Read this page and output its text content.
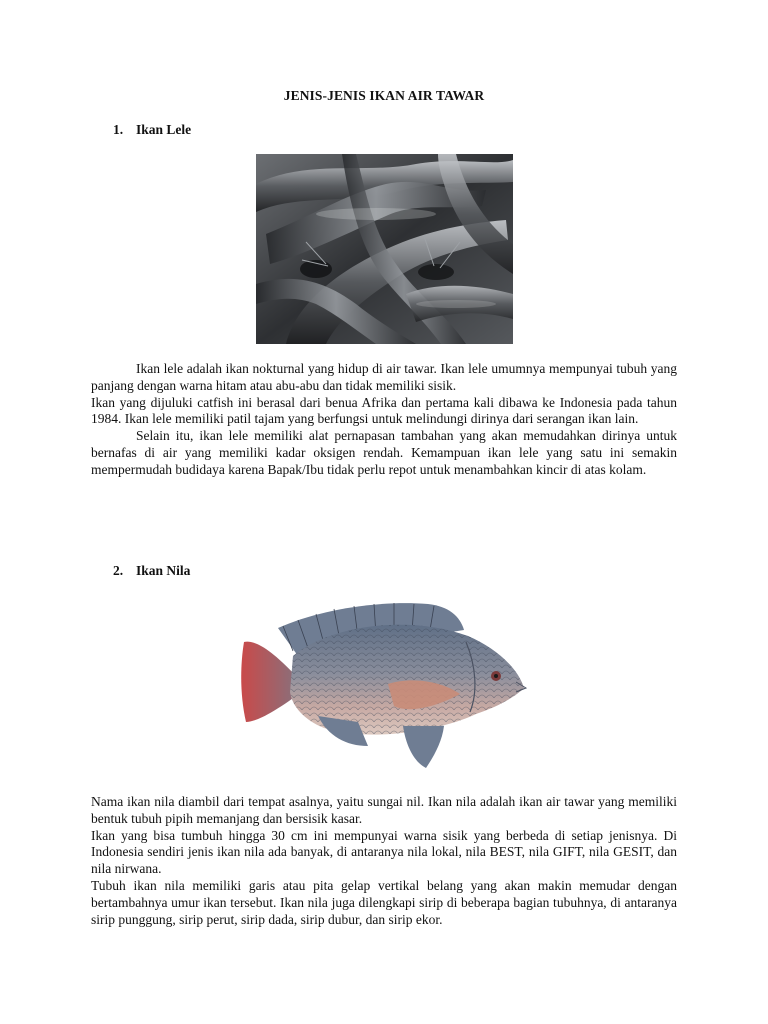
JENIS-JENIS IKAN AIR TAWAR
1. Ikan Lele

Ikan lele adalah ikan nokturnal yang hidup di air tawar. Ikan lele umumnya mempunyai tubuh yang panjang dengan warna hitam atau abu-abu dan tidak memiliki sisik.

Ikan yang dijuluki catfish ini berasal dari benua Afrika dan pertama kali dibawa ke Indonesia pada tahun 1984. Ikan lele memiliki patil tajam yang berfungsi untuk melindungi dirinya dari serangan ikan lain.

Selain itu, ikan lele memiliki alat pernapasan tambahan yang akan memudahkan dirinya untuk bernafas di air yang memiliki kadar oksigen rendah. Kemampuan ikan lele yang satu ini semakin mempermudah budidaya karena Bapak/Ibu tidak perlu repot untuk menambahkan kincir di atas kolam.

2. Ikan Nila

Nama ikan nila diambil dari tempat asalnya, yaitu sungai nil. Ikan nila adalah ikan air tawar yang memiliki bentuk tubuh pipih memanjang dan bersisik kasar.

Ikan yang bisa tumbuh hingga 30 cm ini mempunyai warna sisik yang berbeda di setiap jenisnya. Di Indonesia sendiri jenis ikan nila ada banyak, di antaranya nila lokal, nila BEST, nila GIFT, nila GESIT, dan nila nirwana.

Tubuh ikan nila memiliki garis atau pita gelap vertikal belang yang akan makin memudar dengan bertambahnya umur ikan tersebut. Ikan nila juga dilengkapi sirip di beberapa bagian tubuhnya, di antaranya sirip punggung, sirip perut, sirip dada, sirip dubur, dan sirip ekor.
